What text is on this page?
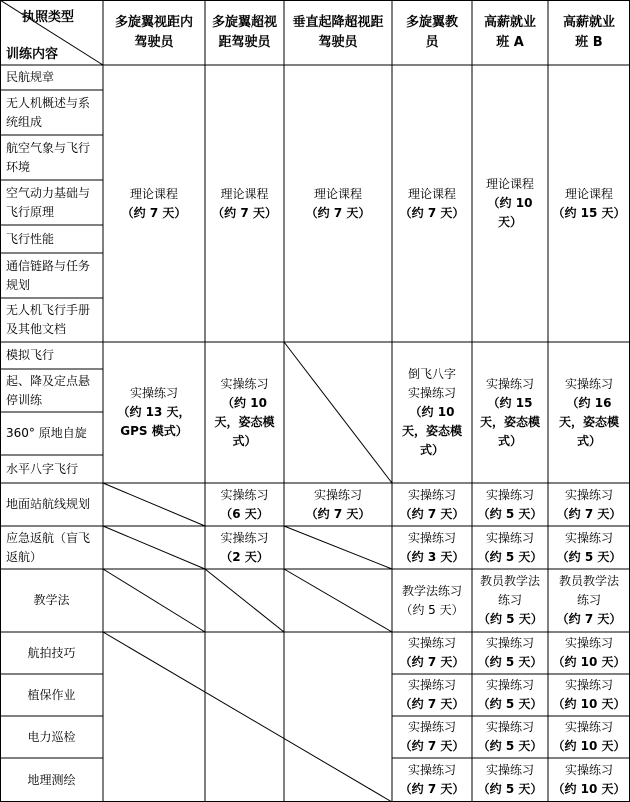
执照类型
训练内容
多旋翼视距内驾驶员
多旋翼超视距驾驶员
垂直起降超视距驾驶员
多旋翼教员
高薪就业班 A
高薪就业班 B
民航规章
无人机概述与系统组成
航空气象与飞行环境
空气动力基础与飞行原理
飞行性能
通信链路与任务规划
无人机飞行手册及其他文档
模拟飞行
起、降及定点悬停训练
360° 原地自旋
水平八字飞行
地面站航线规划
应急返航（盲飞返航）
教学法
航拍技巧
植保作业
电力巡检
地理测绘
理论课程
（约 7 天）
理论课程
（约 7 天）
理论课程
（约 7 天）
理论课程
（约 7 天）
理论课程
（约 10 天）
理论课程
（约 15 天）
实操练习
（约 13 天，GPS 模式）
实操练习
（约 10 天，姿态模式）
倒飞八字
实操练习
（约 10 天，姿态模式）
实操练习
（约 15 天，姿态模式）
实操练习
（约 16 天，姿态模式）
实操练习
（6 天）
实操练习
（约 7 天）
实操练习
（约 7 天）
实操练习
（约 5 天）
实操练习
（约 7 天）
实操练习
（2 天）
实操练习
（约 3 天）
实操练习
（约 5 天）
实操练习
（约 5 天）
教学法练习（约 5 天）
教员教学法练习
（约 5 天）
教员教学法练习
（约 7 天）
实操练习
（约 7 天）
实操练习
（约 5 天）
实操练习
（约 10 天）
实操练习
（约 7 天）
实操练习
（约 5 天）
实操练习
（约 10 天）
实操练习
（约 7 天）
实操练习
（约 5 天）
实操练习
（约 10 天）
实操练习
（约 7 天）
实操练习
（约 5 天）
实操练习
（约 10 天）
